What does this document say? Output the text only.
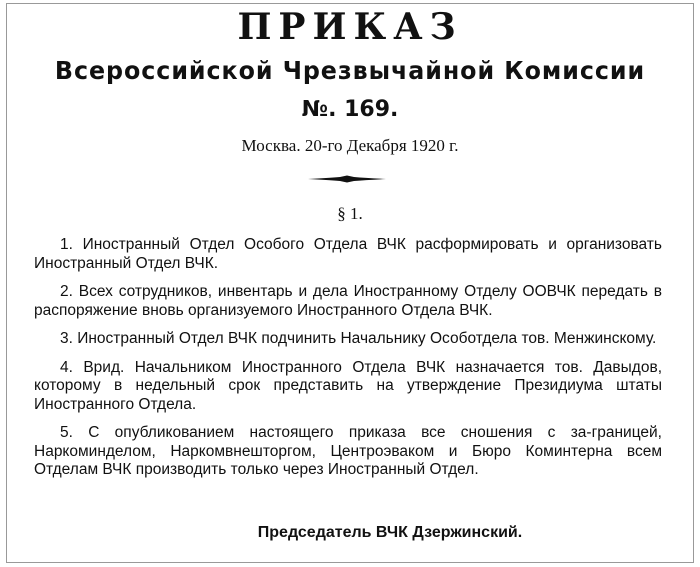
ПРИКАЗ
Всероссийской Чрезвычайной Комиссии
№. 169.
Москва. 20-го Декабря 1920 г.
§ 1.

1. Иностранный Отдел Особого Отдела ВЧК расформировать и организовать Иностранный Отдел ВЧК.

2. Всех сотрудников, инвентарь и дела Иностранному Отделу ООВЧК передать в распоряжение вновь организуемого Иностранного Отдела ВЧК.

3. Иностранный Отдел ВЧК подчинить Начальнику Особотдела тов. Менжинскому.

4. Врид. Начальником Иностранного Отдела ВЧК назначается тов. Давыдов, которому в недельный срок представить на утверждение Президиума штаты Иностранного Отдела.

5. С опубликованием настоящего приказа все сношения с за-границей, Наркоминделом, Наркомвнешторгом, Центроэваком и Бюро Коминтерна всем Отделам ВЧК производить только через Иностранный Отдел.

Председатель ВЧК Дзержинский.
